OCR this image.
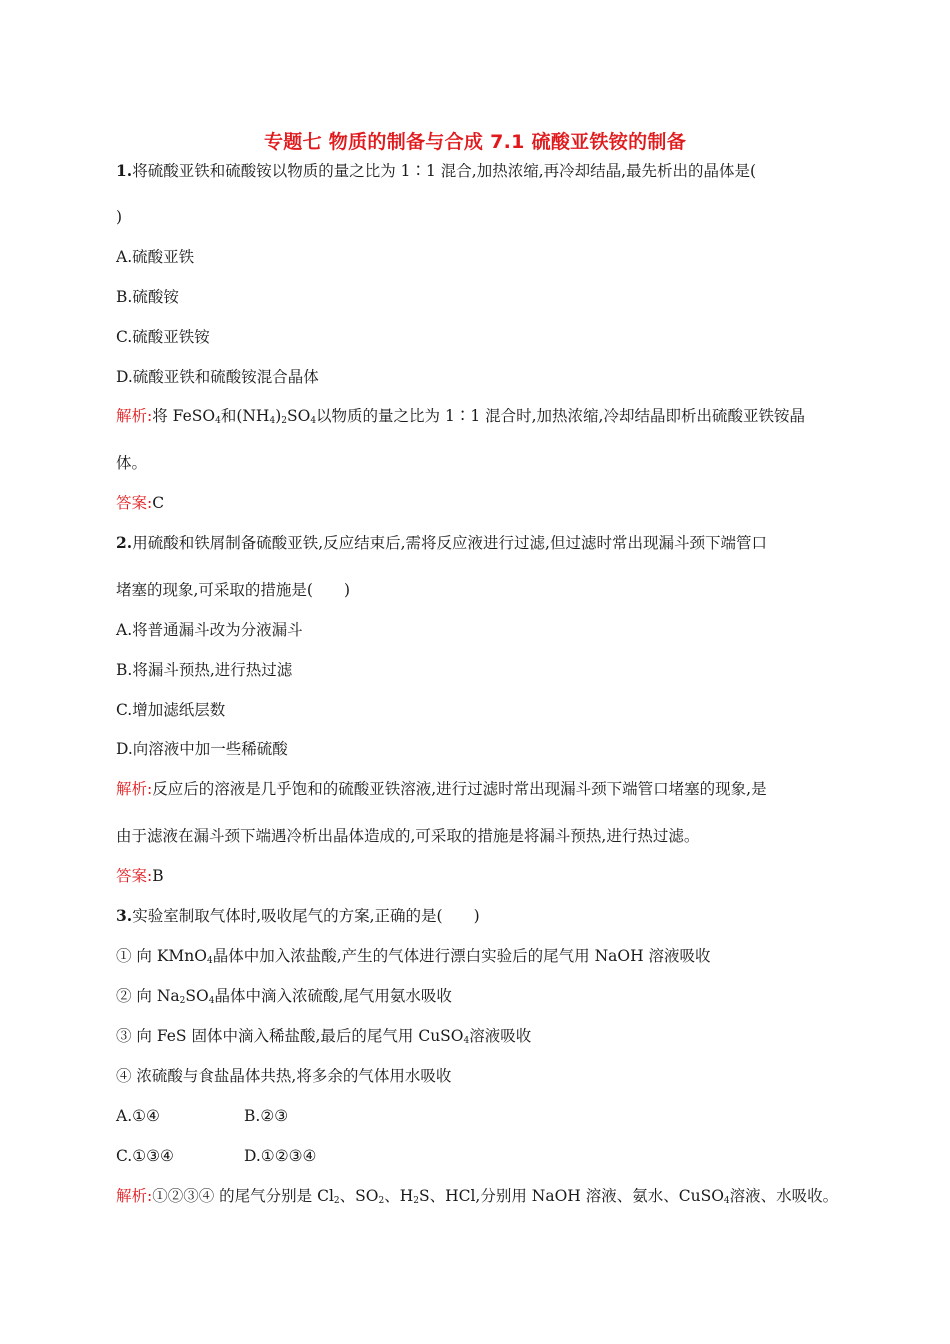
专题七 物质的制备与合成 7.1 硫酸亚铁铵的制备
1.将硫酸亚铁和硫酸铵以物质的量之比为 1∶1 混合,加热浓缩,再冷却结晶,最先析出的晶体是(
)
A.硫酸亚铁
B.硫酸铵
C.硫酸亚铁铵
D.硫酸亚铁和硫酸铵混合晶体
解析:将 FeSO$_4$和$(NH_4)_2SO_4$以物质的量之比为 1∶1 混合时,加热浓缩,冷却结晶即析出硫酸亚铁铵晶
体。
答案:C
2.用硫酸和铁屑制备硫酸亚铁,反应结束后,需将反应液进行过滤,但过滤时常出现漏斗颈下端管口
堵塞的现象,可采取的措施是(　　)
A.将普通漏斗改为分液漏斗
B.将漏斗预热,进行热过滤
C.增加滤纸层数
D.向溶液中加一些稀硫酸
解析:反应后的溶液是几乎饱和的硫酸亚铁溶液,进行过滤时常出现漏斗颈下端管口堵塞的现象,是
由于滤液在漏斗颈下端遇冷析出晶体造成的,可采取的措施是将漏斗预热,进行热过滤。
答案:B
3.实验室制取气体时,吸收尾气的方案,正确的是(　　)
① 向 KMnO$_4$晶体中加入浓盐酸,产生的气体进行漂白实验后的尾气用 NaOH 溶液吸收
② 向 $Na_2SO_4$晶体中滴入浓硫酸,尾气用氨水吸收
③ 向 FeS 固体中滴入稀盐酸,最后的尾气用 CuSO$_4$溶液吸收
④ 浓硫酸与食盐晶体共热,将多余的气体用水吸收
A.①④	B.②③
C.①③④	D.①②③④
解析:①②③④ 的尾气分别是 $Cl_2$、$SO_2$、$H_2S$、HCl,分别用 NaOH 溶液、氨水、CuSO$_4$溶液、水吸收。
